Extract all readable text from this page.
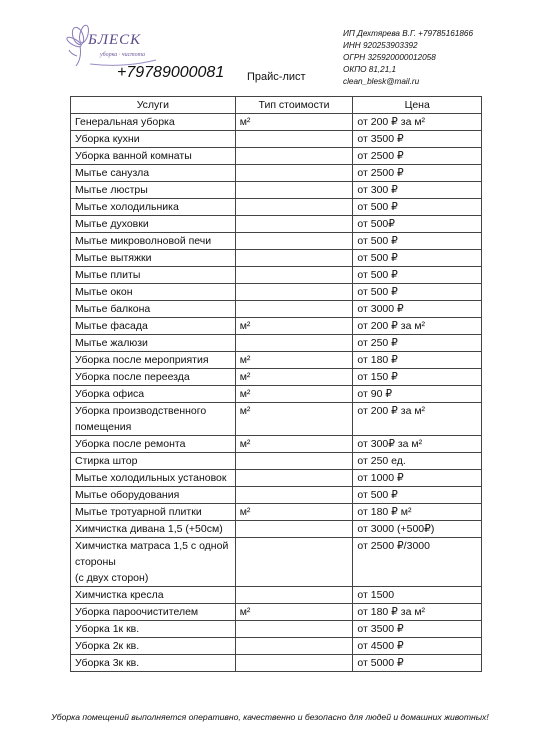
БЛЕСК
уборка · чистота
+79789000081 Прайс-лист
ИП Дехтярева В.Г. +79785161866
ИНН 920253903392
ОГРН 325920000012058
ОКПО 81,21,1
clean_blesk@mail.ru
Услуги	Тип стоимости	Цена
Генеральная уборка	м²	от 200 ₽ за м²
Уборка кухни		от 3500 ₽
Уборка ванной комнаты		от 2500 ₽
Мытье санузла		от 2500 ₽
Мытье люстры		от 300 ₽
Мытье холодильника		от 500 ₽
Мытье духовки		от 500₽
Мытье микроволновой печи		от 500 ₽
Мытье вытяжки		от 500 ₽
Мытье плиты		от 500 ₽
Мытье окон		от 500 ₽
Мытье балкона		от 3000 ₽
Мытье фасада	м²	от 200 ₽ за м²
Мытье жалюзи		от 250 ₽
Уборка после мероприятия	м²	от 180 ₽
Уборка после переезда	м²	от 150 ₽
Уборка офиса	м²	от 90 ₽
Уборка производственного помещения	м²	от 200 ₽ за м²
Уборка после ремонта	м²	от 300₽ за м²
Стирка штор		от 250 ед.
Мытье холодильных установок		от 1000 ₽
Мытье оборудования		от 500 ₽
Мытье тротуарной плитки	м²	от 180 ₽ м²
Химчистка дивана 1,5 (+50см)		от 3000 (+500₽)
Химчистка матраса 1,5 с одной стороны
(с двух сторон)		от 2500 ₽/3000
Химчистка кресла		от 1500
Уборка пароочистителем	м²	от 180 ₽ за м²
Уборка 1к кв.		от 3500 ₽
Уборка 2к кв.		от 4500 ₽
Уборка 3к кв.		от 5000 ₽
Уборка помещений выполняется оперативно, качественно и безопасно для людей и домашних животных!
